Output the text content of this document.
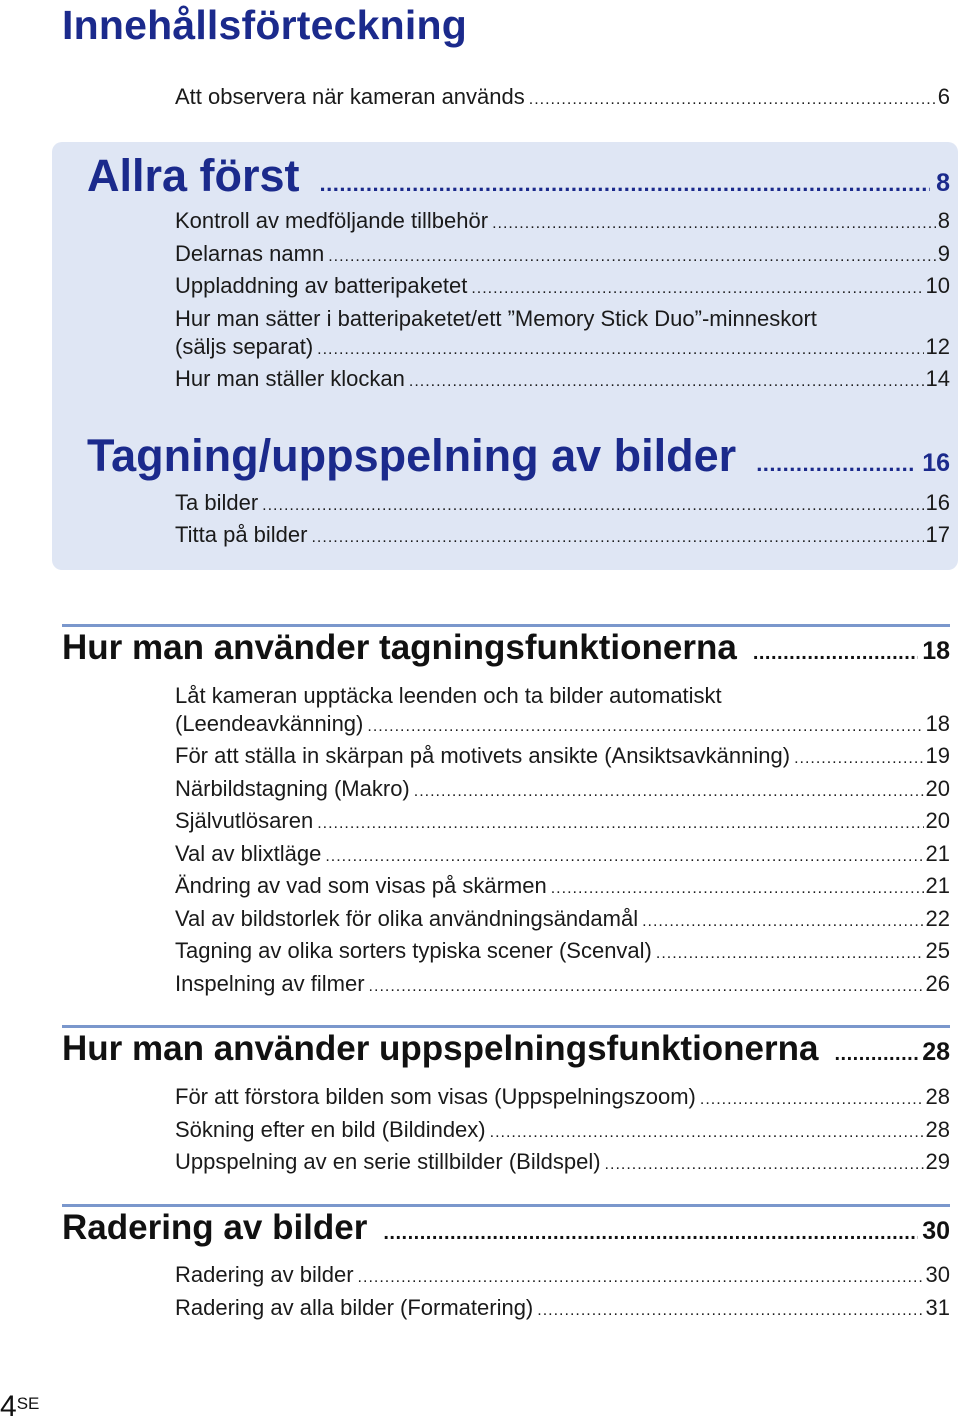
Innehållsförteckning
Att observera när kameran används .....	6
Allra först .....	8
Kontroll av medföljande tillbehör .....	8
Delarnas namn .....	9
Uppladdning av batteripaketet .....	10
Hur man sätter i batteripaketet/ett ”Memory Stick Duo”-minneskort
(säljs separat) .....	12
Hur man ställer klockan .....	14
Tagning/uppspelning av bilder .....	16
Ta bilder .....	16
Titta på bilder .....	17
Hur man använder tagningsfunktionerna .....	18
Låt kameran upptäcka leenden och ta bilder automatiskt
(Leendeavkänning) .....	18
För att ställa in skärpan på motivets ansikte (Ansiktsavkänning) .....	19
Närbildstagning (Makro) .....	20
Självutlösaren .....	20
Val av blixtläge .....	21
Ändring av vad som visas på skärmen .....	21
Val av bildstorlek för olika användningsändamål .....	22
Tagning av olika sorters typiska scener (Scenval) .....	25
Inspelning av filmer .....	26
Hur man använder uppspelningsfunktionerna .....	28
För att förstora bilden som visas (Uppspelningszoom) .....	28
Sökning efter en bild (Bildindex) .....	28
Uppspelning av en serie stillbilder (Bildspel) .....	29
Radering av bilder .....	30
Radering av bilder .....	30
Radering av alla bilder (Formatering) .....	31
$4^{SE}$
